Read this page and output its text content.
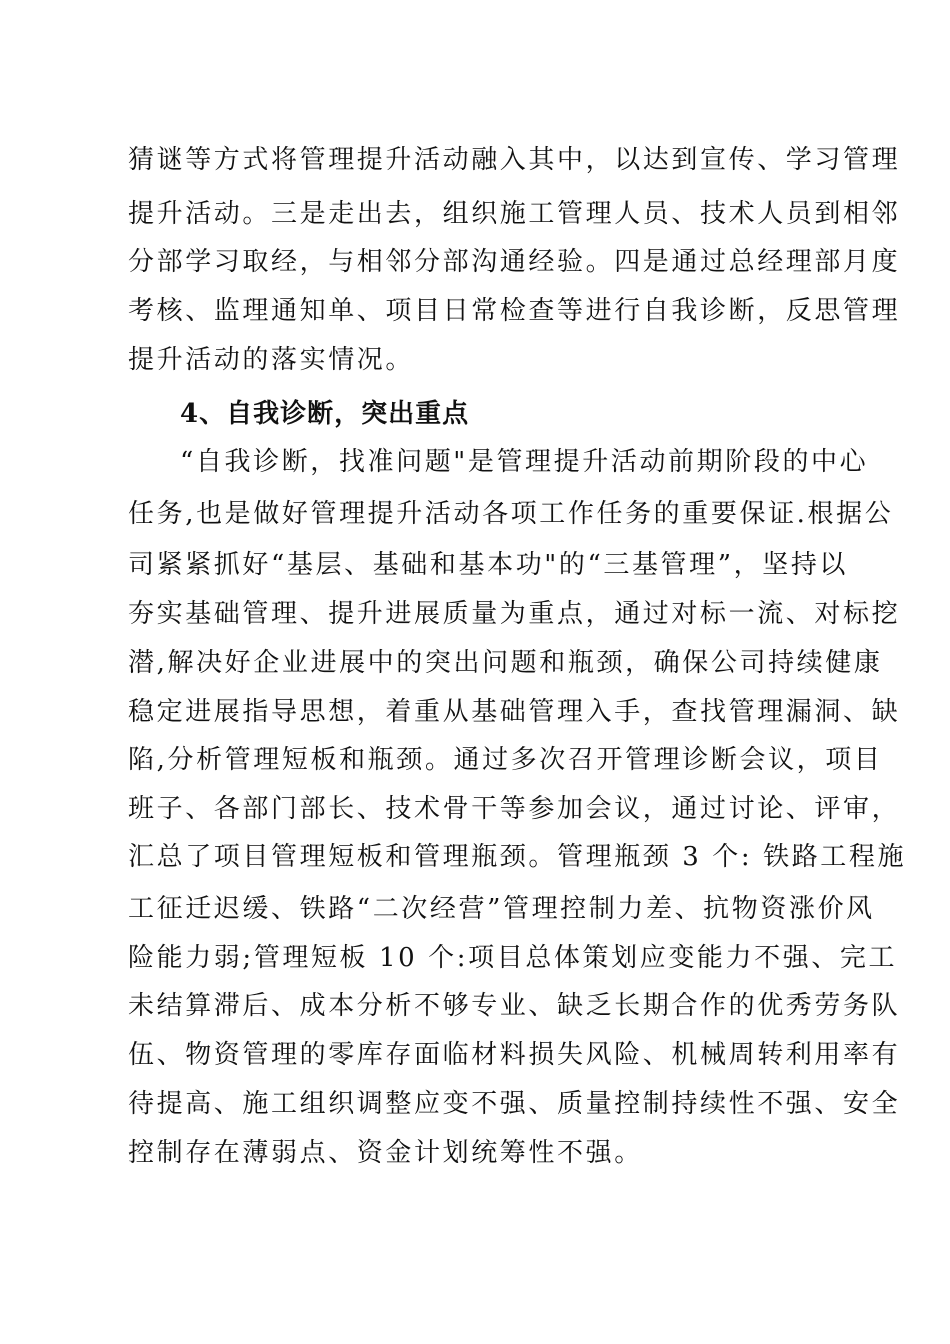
猜谜等方式将管理提升活动融入其中，以达到宣传、学习管理
提升活动。三是走出去，组织施工管理人员、技术人员到相邻
分部学习取经，与相邻分部沟通经验。四是通过总经理部月度
考核、监理通知单、项目日常检查等进行自我诊断，反思管理
提升活动的落实情况。
4、自我诊断，突出重点
“自我诊断，找准问题"是管理提升活动前期阶段的中心
任务,也是做好管理提升活动各项工作任务的重要保证.根据公
司紧紧抓好“基层、基础和基本功"的“三基管理”，坚持以
夯实基础管理、提升进展质量为重点，通过对标一流、对标挖
潜,解决好企业进展中的突出问题和瓶颈，确保公司持续健康
稳定进展指导思想，着重从基础管理入手，查找管理漏洞、缺
陷,分析管理短板和瓶颈。通过多次召开管理诊断会议，项目
班子、各部门部长、技术骨干等参加会议，通过讨论、评审，
汇总了项目管理短板和管理瓶颈。管理瓶颈 3 个: 铁路工程施
工征迁迟缓、铁路“二次经营”管理控制力差、抗物资涨价风
险能力弱;管理短板 10 个:项目总体策划应变能力不强、完工
未结算滞后、成本分析不够专业、缺乏长期合作的优秀劳务队
伍、物资管理的零库存面临材料损失风险、机械周转利用率有
待提高、施工组织调整应变不强、质量控制持续性不强、安全
控制存在薄弱点、资金计划统筹性不强。
